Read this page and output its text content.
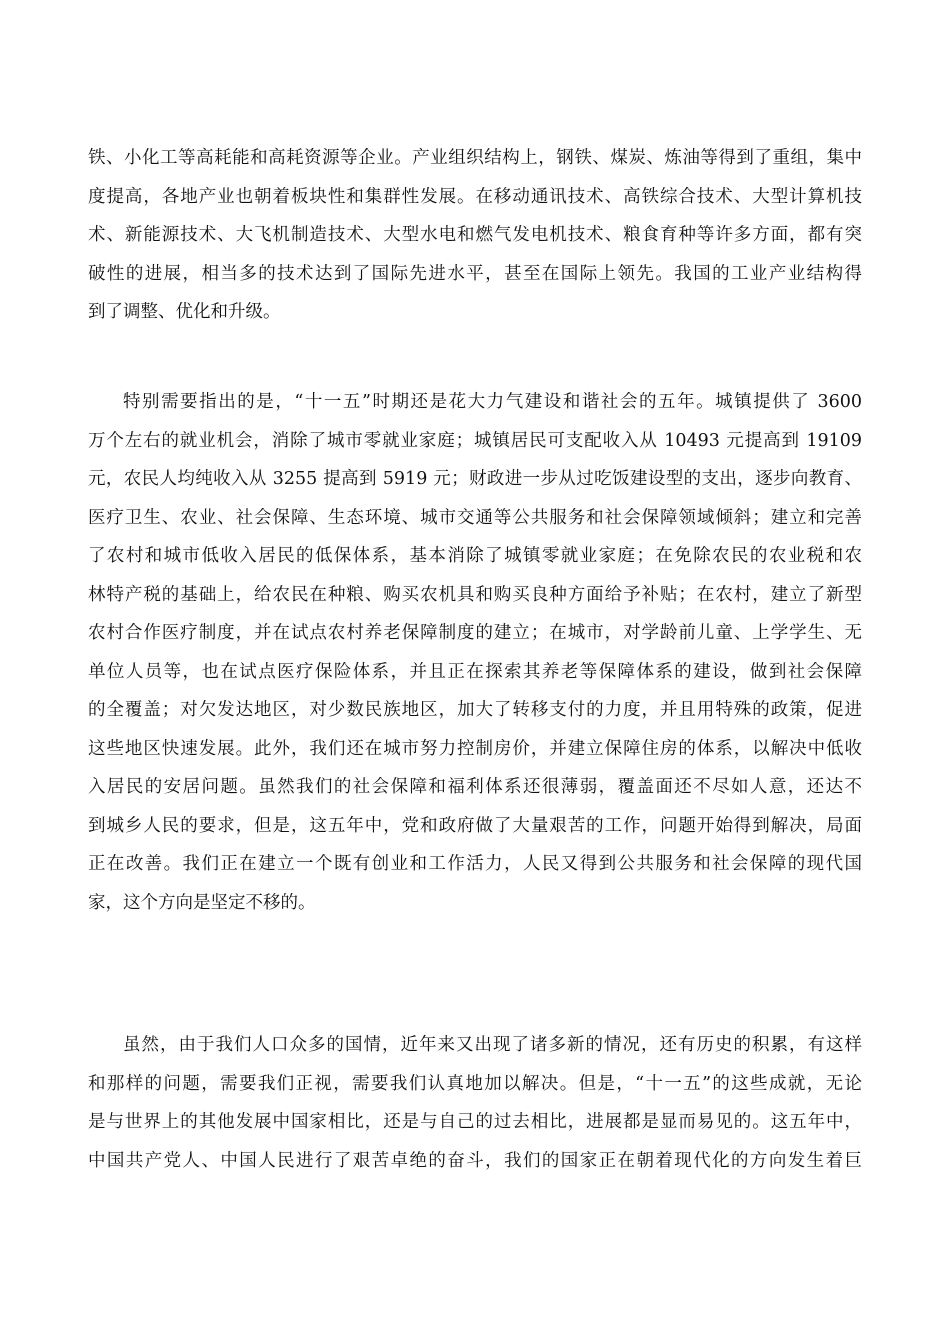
铁、小化工等高耗能和高耗资源等企业。产业组织结构上，钢铁、煤炭、炼油等得到了重组，集中
度提高，各地产业也朝着板块性和集群性发展。在移动通讯技术、高铁综合技术、大型计算机技
术、新能源技术、大飞机制造技术、大型水电和燃气发电机技术、粮食育种等许多方面，都有突
破性的进展，相当多的技术达到了国际先进水平，甚至在国际上领先。我国的工业产业结构得
到了调整、优化和升级。

特别需要指出的是，“十一五”时期还是花大力气建设和谐社会的五年。城镇提供了 3600
万个左右的就业机会，消除了城市零就业家庭；城镇居民可支配收入从 10493 元提高到 19109
元，农民人均纯收入从 3255 提高到 5919 元；财政进一步从过吃饭建设型的支出，逐步向教育、
医疗卫生、农业、社会保障、生态环境、城市交通等公共服务和社会保障领域倾斜；建立和完善
了农村和城市低收入居民的低保体系，基本消除了城镇零就业家庭；在免除农民的农业税和农
林特产税的基础上，给农民在种粮、购买农机具和购买良种方面给予补贴；在农村，建立了新型
农村合作医疗制度，并在试点农村养老保障制度的建立；在城市，对学龄前儿童、上学学生、无
单位人员等，也在试点医疗保险体系，并且正在探索其养老等保障体系的建设，做到社会保障
的全覆盖；对欠发达地区，对少数民族地区，加大了转移支付的力度，并且用特殊的政策，促进
这些地区快速发展。此外，我们还在城市努力控制房价，并建立保障住房的体系，以解决中低收
入居民的安居问题。虽然我们的社会保障和福利体系还很薄弱，覆盖面还不尽如人意，还达不
到城乡人民的要求，但是，这五年中，党和政府做了大量艰苦的工作，问题开始得到解决，局面
正在改善。我们正在建立一个既有创业和工作活力，人民又得到公共服务和社会保障的现代国
家，这个方向是坚定不移的。

虽然，由于我们人口众多的国情，近年来又出现了诸多新的情况，还有历史的积累，有这样
和那样的问题，需要我们正视，需要我们认真地加以解决。但是，“十一五”的这些成就，无论
是与世界上的其他发展中国家相比，还是与自己的过去相比，进展都是显而易见的。这五年中，
中国共产党人、中国人民进行了艰苦卓绝的奋斗，我们的国家正在朝着现代化的方向发生着巨
